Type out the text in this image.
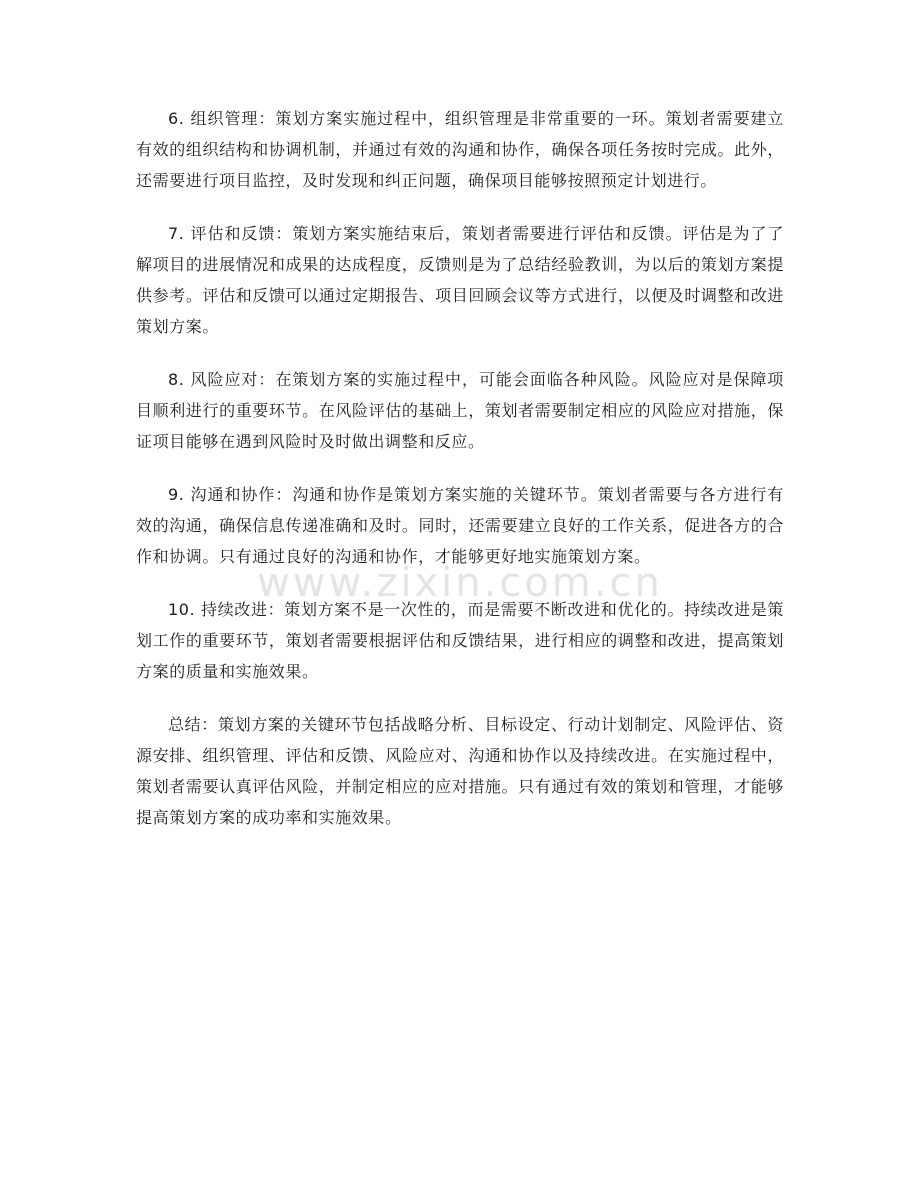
6. 组织管理：策划方案实施过程中，组织管理是非常重要的一环。策划者需要建立有效的组织结构和协调机制，并通过有效的沟通和协作，确保各项任务按时完成。此外，还需要进行项目监控，及时发现和纠正问题，确保项目能够按照预定计划进行。

7. 评估和反馈：策划方案实施结束后，策划者需要进行评估和反馈。评估是为了了解项目的进展情况和成果的达成程度，反馈则是为了总结经验教训，为以后的策划方案提供参考。评估和反馈可以通过定期报告、项目回顾会议等方式进行，以便及时调整和改进策划方案。

8. 风险应对：在策划方案的实施过程中，可能会面临各种风险。风险应对是保障项目顺利进行的重要环节。在风险评估的基础上，策划者需要制定相应的风险应对措施，保证项目能够在遇到风险时及时做出调整和反应。

9. 沟通和协作：沟通和协作是策划方案实施的关键环节。策划者需要与各方进行有效的沟通，确保信息传递准确和及时。同时，还需要建立良好的工作关系，促进各方的合作和协调。只有通过良好的沟通和协作，才能够更好地实施策划方案。

10. 持续改进：策划方案不是一次性的，而是需要不断改进和优化的。持续改进是策划工作的重要环节，策划者需要根据评估和反馈结果，进行相应的调整和改进，提高策划方案的质量和实施效果。

总结：策划方案的关键环节包括战略分析、目标设定、行动计划制定、风险评估、资源安排、组织管理、评估和反馈、风险应对、沟通和协作以及持续改进。在实施过程中，策划者需要认真评估风险，并制定相应的应对措施。只有通过有效的策划和管理，才能够提高策划方案的成功率和实施效果。

www.zixin.com.cn
